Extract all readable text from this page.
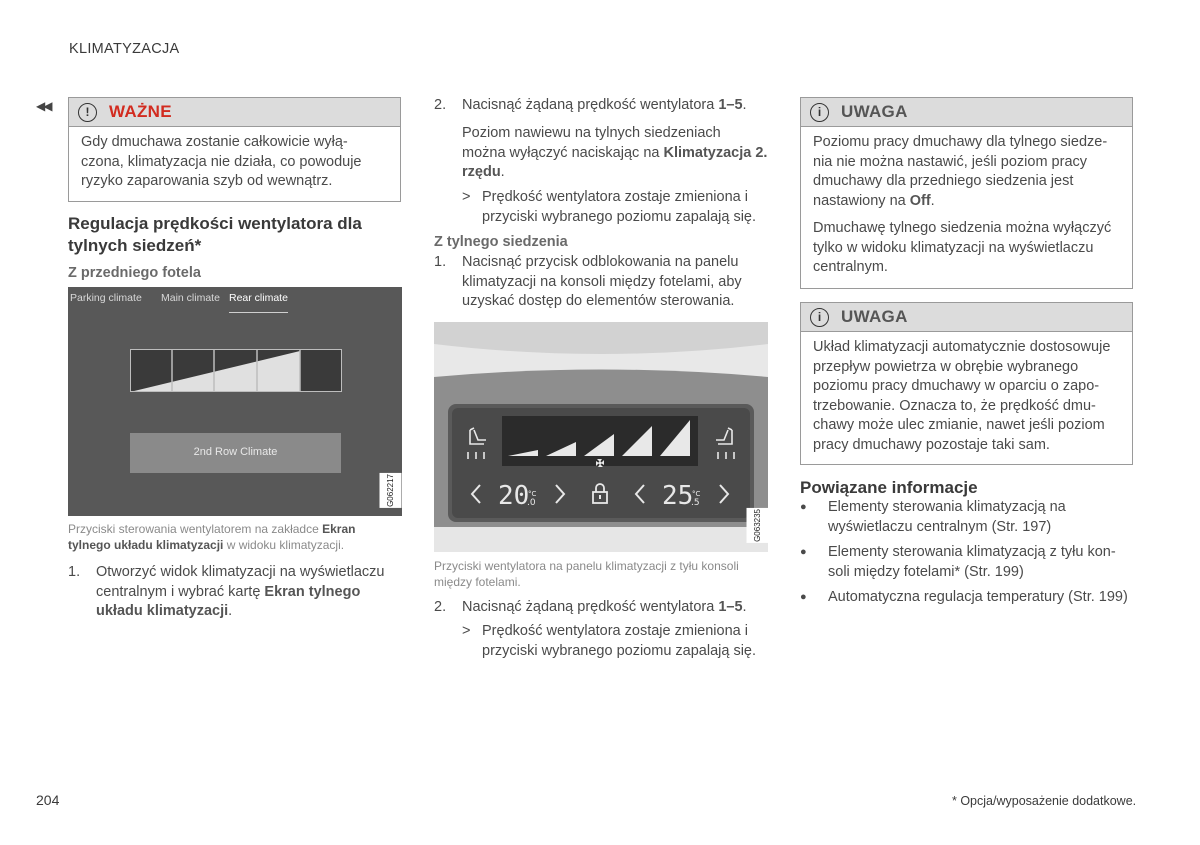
KLIMATYZACJA
◀◀
204	* Opcja/wyposażenie dodatkowe.
!	WAŻNE

Gdy dmuchawa zostanie całkowicie wyłą-czona, klimatyzacja nie działa, co powoduje ryzyko zaparowania szyb od wewnątrz.

Regulacja prędkości wentylatora dla tylnych siedzeń*
Z przedniego fotela
Parking climate Main climate Rear climate
2nd Row Climate
G062217
Przyciski sterowania wentylatorem na zakładce Ekran tylnego układu klimatyzacji w widoku klimatyzacji.
1.	Otworzyć widok klimatyzacji na wyświetlaczu centralnym i wybrać kartę Ekran tylnego układu klimatyzacji.
2.	Nacisnąć żądaną prędkość wentylatora 1–5.
Poziom nawiewu na tylnych siedzeniach można wyłączyć naciskając na Klimatyzacja 2. rzędu.
> Prędkość wentylatora zostaje zmieniona i przyciski wybranego poziomu zapalają się.
Z tylnego siedzenia
1.	Nacisnąć przycisk odblokowania na panelu klimatyzacji na konsoli między fotelami, aby uzyskać dostęp do elementów sterowania.
20
°C
.0	25
°C
.5
G063235
Przyciski wentylatora na panelu klimatyzacji z tyłu konsoli między fotelami.
2.	Nacisnąć żądaną prędkość wentylatora 1–5.
> Prędkość wentylatora zostaje zmieniona i przyciski wybranego poziomu zapalają się.
i	UWAGA

Poziomu pracy dmuchawy dla tylnego siedze-nia nie można nastawić, jeśli poziom pracy dmuchawy dla przedniego siedzenia jest nastawiony na Off.

Dmuchawę tylnego siedzenia można wyłączyć tylko w widoku klimatyzacji na wyświetlaczu centralnym.

i	UWAGA

Układ klimatyzacji automatycznie dostosowuje przepływ powietrza w obrębie wybranego poziomu pracy dmuchawy w oparciu o zapo-trzebowanie. Oznacza to, że prędkość dmu-chawy może ulec zmianie, nawet jeśli poziom pracy dmuchawy pozostaje taki sam.

Powiązane informacje
●	Elementy sterowania klimatyzacją na wyświetlaczu centralnym (Str. 197)
●	Elementy sterowania klimatyzacją z tyłu kon-soli między fotelami* (Str. 199)
●	Automatyczna regulacja temperatury (Str. 199)
